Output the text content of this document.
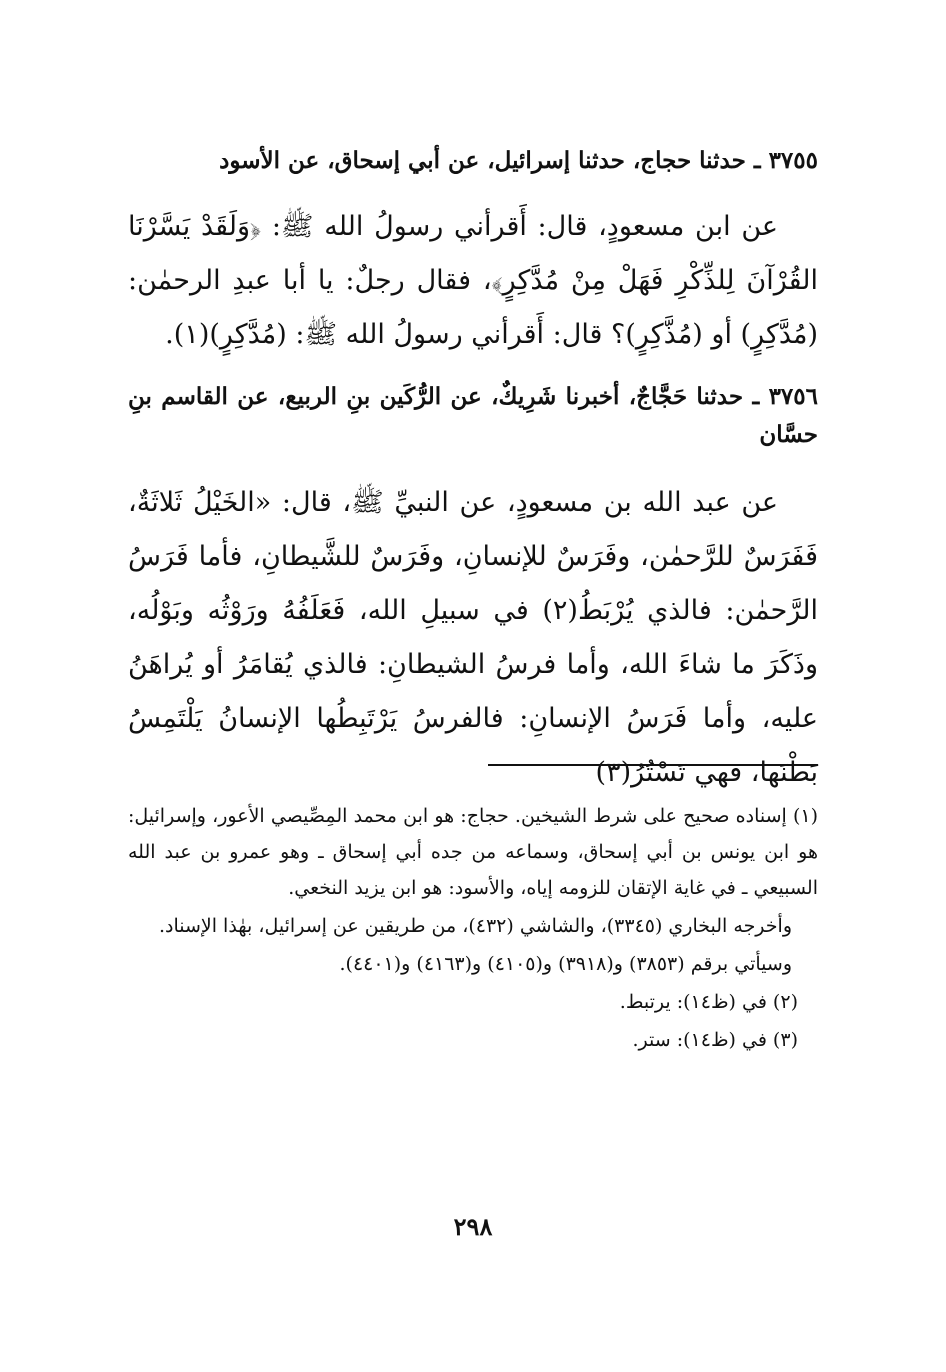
٣٧٥٥ ـ حدثنا حجاج، حدثنا إسرائيل، عن أبي إسحاق، عن الأسود

عن ابن مسعودٍ، قال: أَقرأني رسولُ الله ﷺ: ﴿وَلَقَدْ يَسَّرْنَا القُرْآنَ لِلذِّكْرِ فَهَلْ مِنْ مُدَّكِرٍ﴾، فقال رجلٌ: يا أبا عبدِ الرحمٰن: (مُدَّكِرٍ) أو (مُذَّكِرٍ)؟ قال: أَقرأني رسولُ الله ﷺ: (مُدَّكِرٍ)(١).

٣٧٥٦ ـ حدثنا حَجَّاجٌ، أخبرنا شَرِيكٌ، عن الرُّكَين بنِ الربيع، عن القاسم بنِ حسَّان

عن عبد الله بن مسعودٍ، عن النبيِّ ﷺ، قال: «الخَيْلُ ثَلاثَةٌ، فَفَرَسٌ للرَّحمٰن، وفَرَسٌ للإنسانِ، وفَرَسٌ للشَّيطانِ، فأما فَرَسُ الرَّحمٰن: فالذي يُرْبَطُ(٢) في سبيلِ الله، فَعَلَفُهُ ورَوْثُه وبَوْلُه، وذَكَرَ ما شاءَ الله، وأما فرسُ الشيطانِ: فالذي يُقامَرُ أو يُراهَنُ عليه، وأما فَرَسُ الإنسانِ: فالفرسُ يَرْتَبِطُها الإنسانُ يَلْتَمِسُ بَطْنَها، فهي تَسْتُرُ(٣)

(١) إسناده صحيح على شرط الشيخين. حجاج: هو ابن محمد المِصِّيصي الأعور، وإسرائيل: هو ابن يونس بن أبي إسحاق، وسماعه من جده أبي إسحاق ـ وهو عمرو بن عبد الله السبيعي ـ في غاية الإتقان للزومه إياه، والأسود: هو ابن يزيد النخعي.

وأخرجه البخاري (٣٣٤٥)، والشاشي (٤٣٢)، من طريقين عن إسرائيل، بهٰذا الإسناد.

وسيأتي برقم (٣٨٥٣) و(٣٩١٨) و(٤١٠٥) و(٤١٦٣) و(٤٤٠١).

(٢) في (ظ١٤): يرتبط.

(٣) في (ظ١٤): ستر.

٢٩٨
